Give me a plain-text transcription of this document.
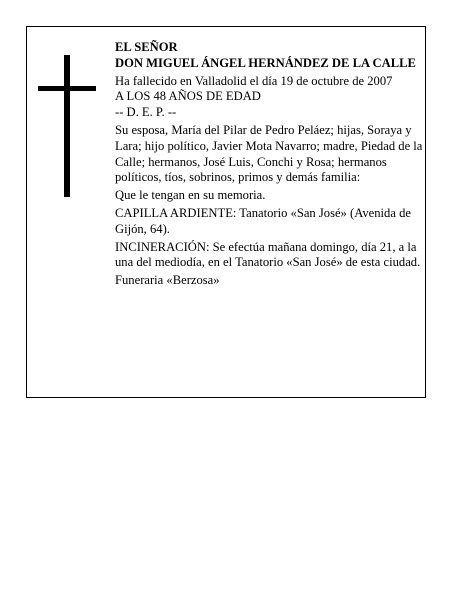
EL SEÑOR

DON MIGUEL ÁNGEL HERNÁNDEZ DE LA CALLE

Ha fallecido en Valladolid el día 19 de octubre de 2007

A LOS 48 AÑOS DE EDAD

-- D. E. P. --

Su esposa, María del Pilar de Pedro Peláez; hijas, Soraya y Lara; hijo político, Javier Mota Navarro; madre, Piedad de la Calle; hermanos, José Luis, Conchi y Rosa; hermanos políticos, tíos, sobrinos, primos y demás familia:

Que le tengan en su memoria.

CAPILLA ARDIENTE: Tanatorio «San José» (Avenida de Gijón, 64).

INCINERACIÓN: Se efectúa mañana domingo, día 21, a la una del mediodía, en el Tanatorio «San José» de esta ciudad.

Funeraria «Berzosa»
